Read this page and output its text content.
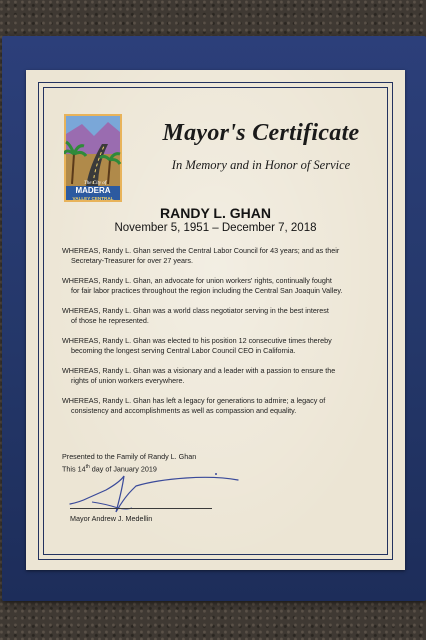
The City of
MADERA
VALLEY CENTRAL
Mayor's Certificate
In Memory and in Honor of Service
RANDY L. GHAN
November 5, 1951 – December 7, 2018

WHEREAS, Randy L. Ghan served the Central Labor Council for 43 years; and as their
Secretary-Treasurer for over 27 years.

WHEREAS, Randy L. Ghan, an advocate for union workers' rights, continually fought
for fair labor practices throughout the region including the Central San Joaquin Valley.

WHEREAS, Randy L. Ghan was a world class negotiator serving in the best interest
of those he represented.

WHEREAS, Randy L. Ghan was elected to his position 12 consecutive times thereby
becoming the longest serving Central Labor Council CEO in California.

WHEREAS, Randy L. Ghan was a visionary and a leader with a passion to ensure the
rights of union workers everywhere.

WHEREAS, Randy L. Ghan has left a legacy for generations to admire; a legacy of
consistency and accomplishments as well as compassion and equality.

Presented to the Family of Randy L. Ghan
This 14th day of January 2019
Mayor Andrew J. Medellin
